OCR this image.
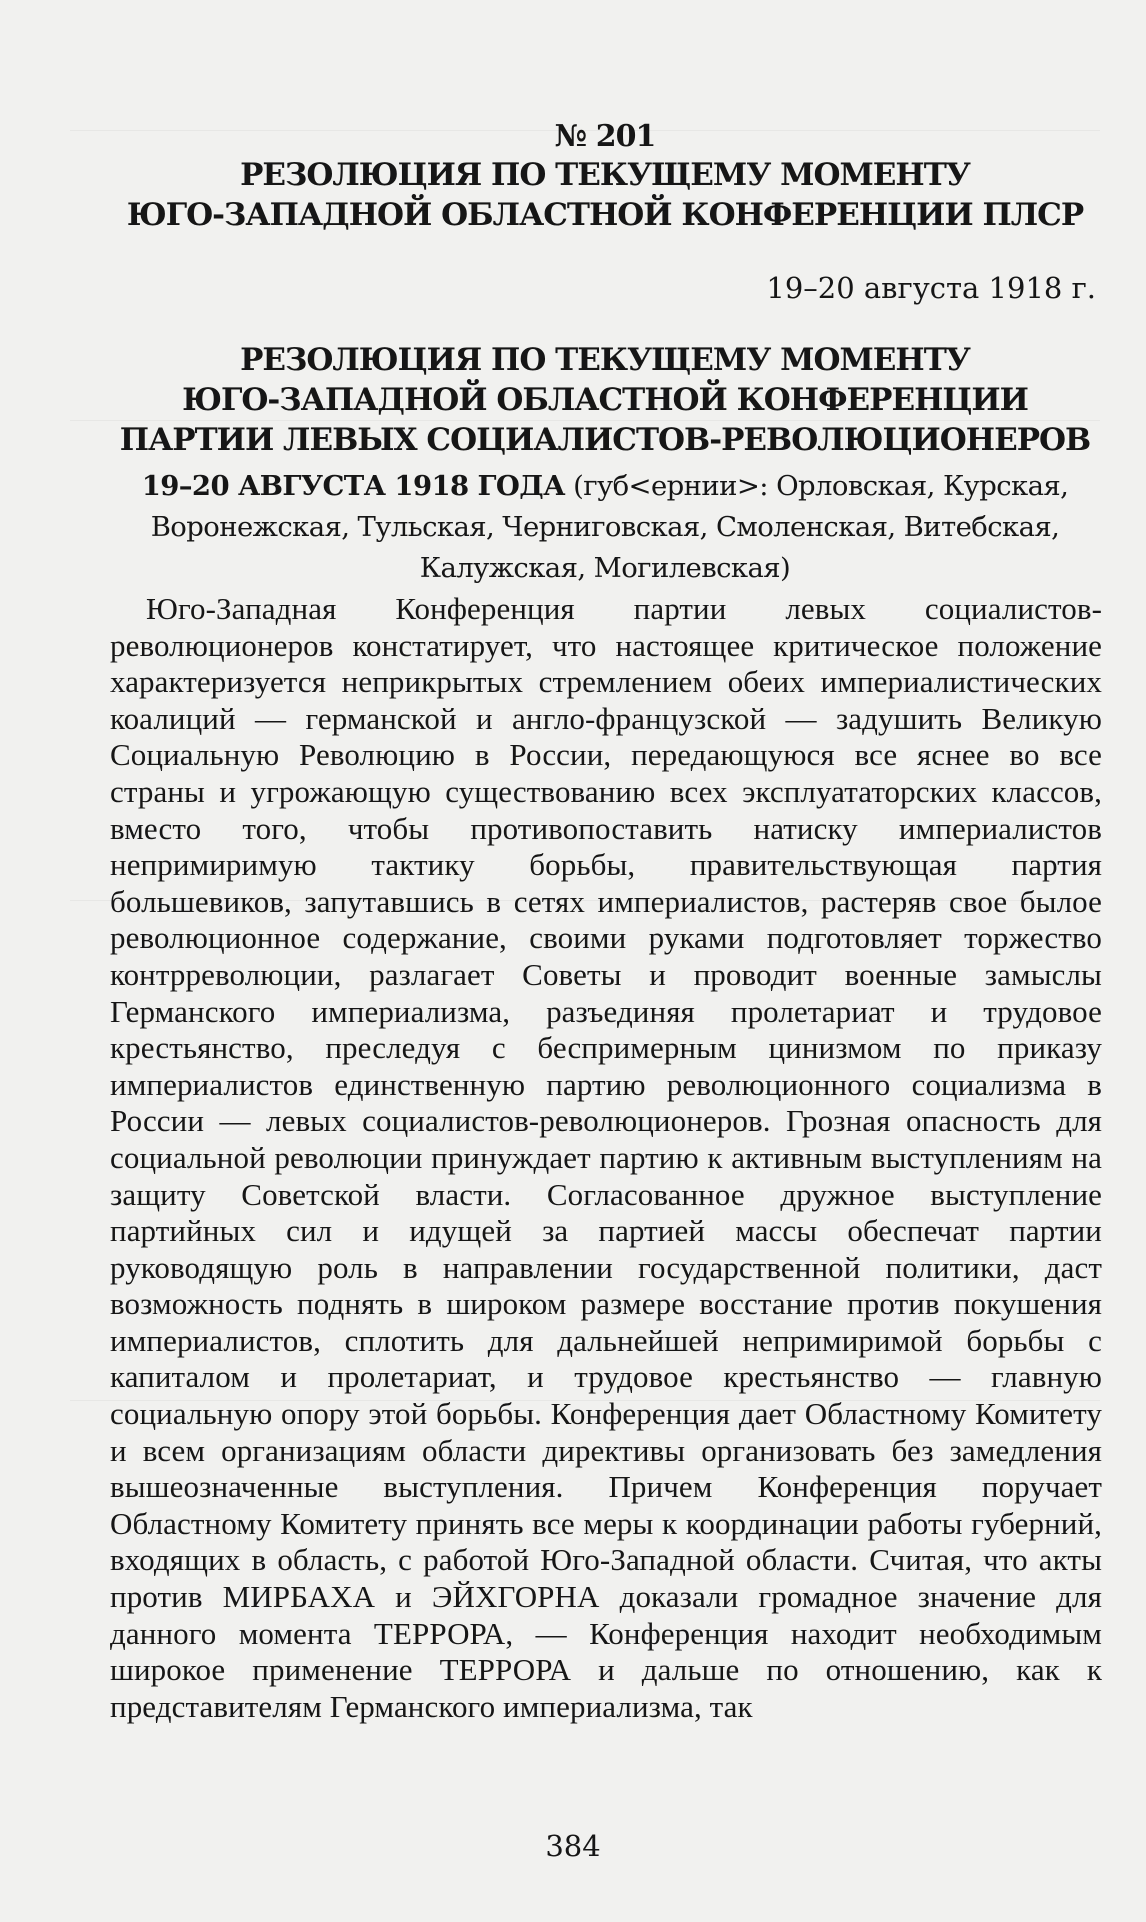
№ 201
РЕЗОЛЮЦИЯ ПО ТЕКУЩЕМУ МОМЕНТУ
ЮГО-ЗАПАДНОЙ ОБЛАСТНОЙ КОНФЕРЕНЦИИ ПЛСР
19–20 августа 1918 г.
РЕЗОЛЮЦИЯ ПО ТЕКУЩЕМУ МОМЕНТУ
ЮГО-ЗАПАДНОЙ ОБЛАСТНОЙ КОНФЕРЕНЦИИ
ПАРТИИ ЛЕВЫХ СОЦИАЛИСТОВ-РЕВОЛЮЦИОНЕРОВ
19–20 АВГУСТА 1918 ГОДА (губ<ернии>: Орловская, Курская, Воронежская, Тульская, Черниговская, Смоленская, Витебская, Калужская, Могилевская)
Юго-Западная Конференция партии левых социалистов-революционеров констатирует, что настоящее критическое положение характеризуется неприкрытых стремлением обеих империалистических коалиций — германской и англо-французской — задушить Великую Социальную Революцию в России, передающуюся все яснее во все страны и угрожающую существованию всех эксплуататорских классов, вместо того, чтобы противопоставить натиску империалистов непримиримую тактику борьбы, правительствующая партия большевиков, запутавшись в сетях империалистов, растеряв свое былое революционное содержание, своими руками подготовляет торжество контрреволюции, разлагает Советы и проводит военные замыслы Германского империализма, разъединяя пролетариат и трудовое крестьянство, преследуя с беспримерным цинизмом по приказу империалистов единственную партию революционного социализма в России — левых социалистов-революционеров. Грозная опасность для социальной революции принуждает партию к активным выступлениям на защиту Советской власти. Согласованное дружное выступление партийных сил и идущей за партией массы обеспечат партии руководящую роль в направлении государственной политики, даст возможность поднять в широком размере восстание против покушения империалистов, сплотить для дальнейшей непримиримой борьбы с капиталом и пролетариат, и трудовое крестьянство — главную социальную опору этой борьбы. Конференция дает Областному Комитету и всем организациям области директивы организовать без замедления вышеозначенные выступления. Причем Конференция поручает Областному Комитету принять все меры к координации работы губерний, входящих в область, с работой Юго-Западной области. Считая, что акты против МИРБАХА и ЭЙХГОРНА доказали громадное значение для данного момента ТЕРРОРА, — Конференция находит необходимым широкое применение ТЕРРОРА и дальше по отношению, как к представителям Германского империализма, так
384
